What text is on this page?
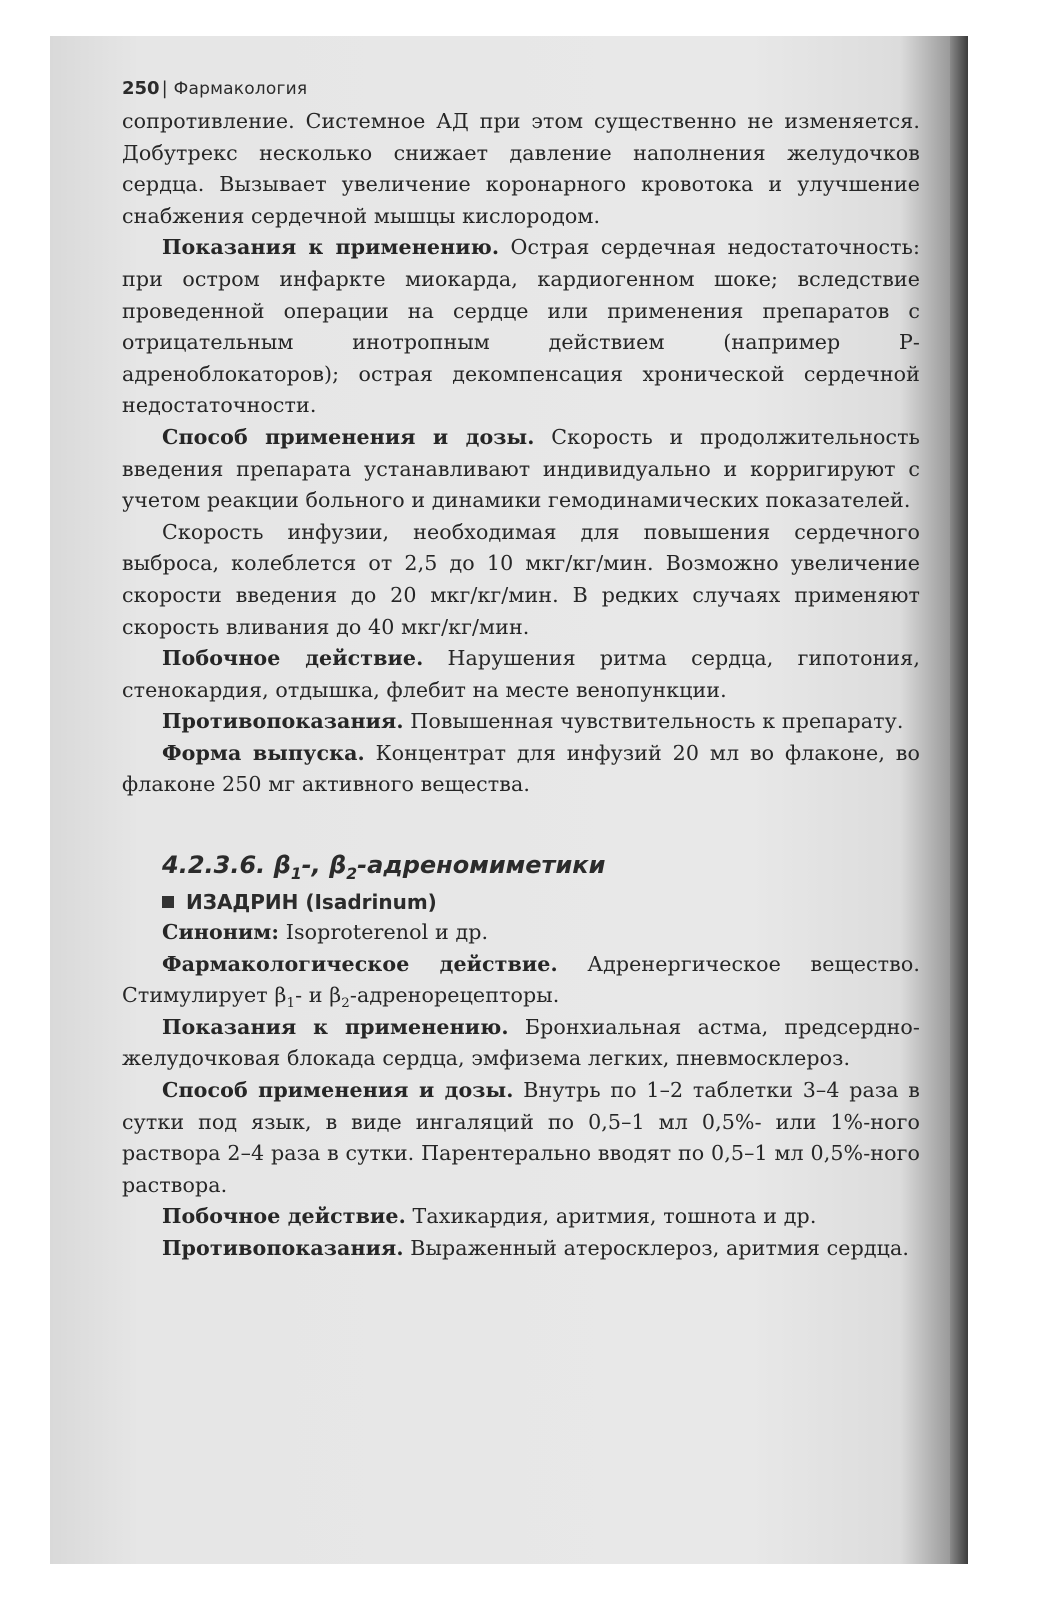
250 | Фармакология

сопротивление. Системное АД при этом существенно не изменяется. Добутрекс несколько снижает давление наполнения желудочков сердца. Вызывает увеличение коронарного кровотока и улучшение снабжения сердечной мышцы кислородом.

Показания к применению. Острая сердечная недостаточность: при остром инфаркте миокарда, кардиогенном шоке; вследствие проведенной операции на сердце или применения препаратов с отрицательным инотропным действием (например Р-адреноблокаторов); острая декомпенсация хронической сердечной недостаточности.

Способ применения и дозы. Скорость и продолжительность введения препарата устанавливают индивидуально и корригируют с учетом реакции больного и динамики гемодинамических показателей.

Скорость инфузии, необходимая для повышения сердечного выброса, колеблется от 2,5 до 10 мкг/кг/мин. Возможно увеличение скорости введения до 20 мкг/кг/мин. В редких случаях применяют скорость вливания до 40 мкг/кг/мин.

Побочное действие. Нарушения ритма сердца, гипотония, стенокардия, отдышка, флебит на месте венопункции.

Противопоказания. Повышенная чувствительность к препарату.

Форма выпуска. Концентрат для инфузий 20 мл во флаконе, во флаконе 250 мг активного вещества.

4.2.3.6. $\beta_1-$, $\beta_2$-адреномиметики
ИЗАДРИН (Isadrinum)

Синоним: Isoproterenol и др.

Фармакологическое действие. Адренергическое вещество. Стимулирует $\beta_1-$ и $\beta_2$-адренорецепторы.

Показания к применению. Бронхиальная астма, предсердно-желудочковая блокада сердца, эмфизема легких, пневмосклероз.

Способ применения и дозы. Внутрь по 1–2 таблетки 3–4 раза в сутки под язык, в виде ингаляций по 0,5–1 мл 0,5%- или 1%-ного раствора 2–4 раза в сутки. Парентерально вводят по 0,5–1 мл 0,5%-ного раствора.

Побочное действие. Тахикардия, аритмия, тошнота и др.

Противопоказания. Выраженный атеросклероз, аритмия сердца.
